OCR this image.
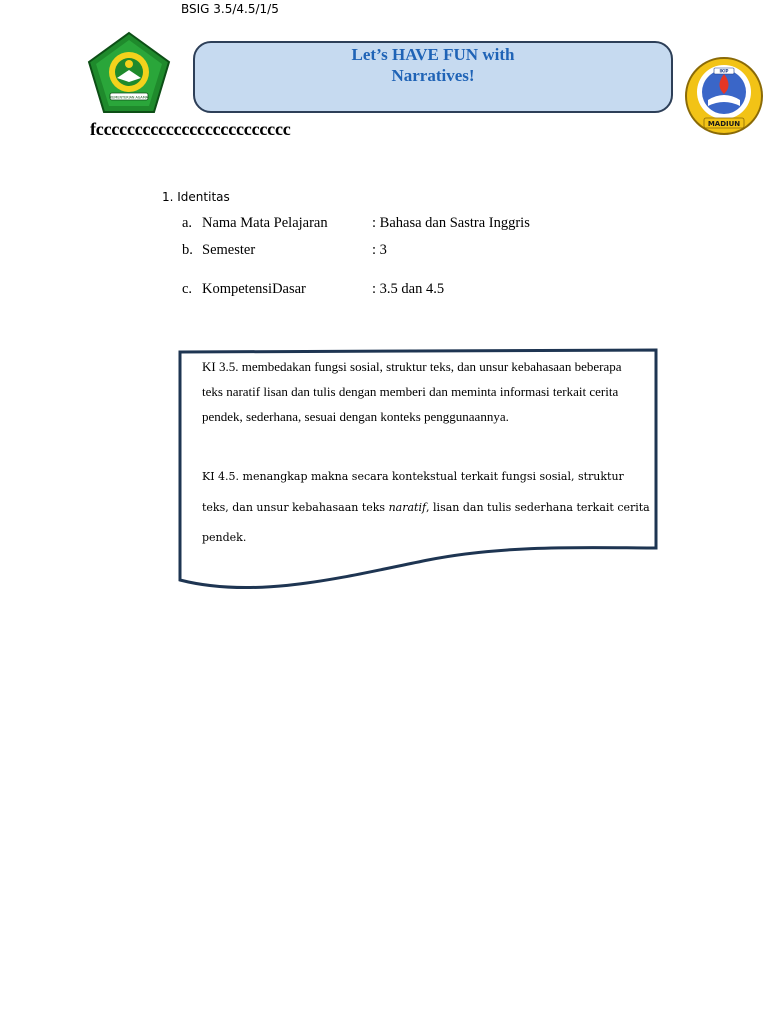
BSIG 3.5/4.5/1/5
KEMENTERIAN AGAMA
Let’s HAVE FUN with
Narratives!	IKIP
MADIUN
fccccccccccccccccccccccccc
1. Identitas
a. Nama Mata Pelajaran	: Bahasa dan Sastra Inggris
b. Semester	: 3
c. KompetensiDasar	: 3.5 dan 4.5
KI 3.5. membedakan fungsi sosial, struktur teks, dan unsur kebahasaan beberapa teks naratif lisan dan tulis dengan memberi dan meminta informasi terkait cerita pendek, sederhana, sesuai dengan konteks penggunaannya.
KI 4.5. menangkap makna secara kontekstual terkait fungsi sosial, struktur teks, dan unsur kebahasaan teks naratif, lisan dan tulis sederhana terkait cerita pendek.
